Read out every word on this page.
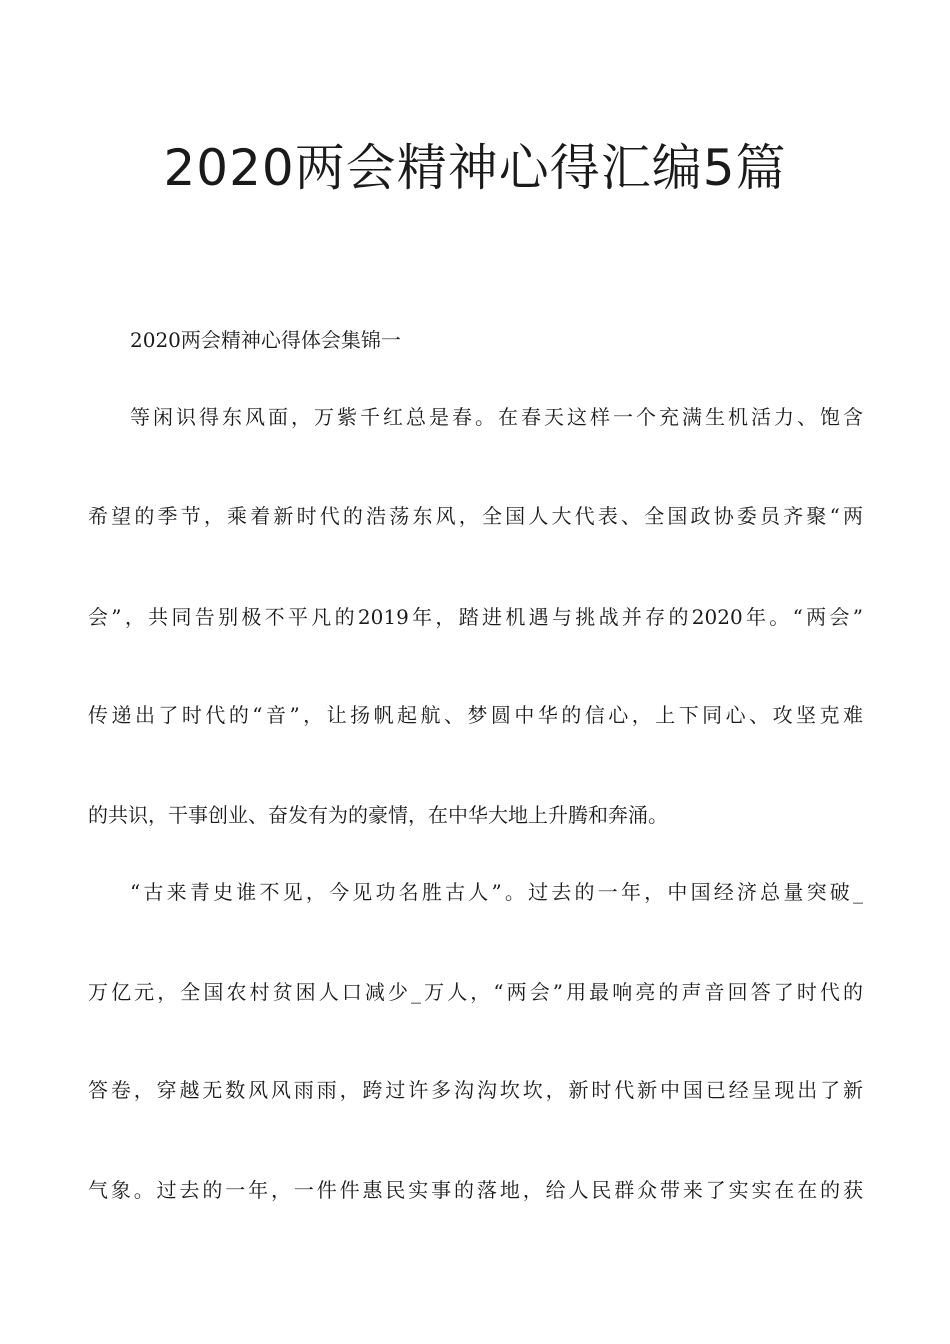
2020两会精神心得汇编5篇
2020两会精神心得体会集锦一
等闲识得东风面，万紫千红总是春。在春天这样一个充满生机活力、饱含
希望的季节，乘着新时代的浩荡东风，全国人大代表、全国政协委员齐聚“两
会”，共同告别极不平凡的2019年，踏进机遇与挑战并存的2020年。“两会”
传递出了时代的“音”，让扬帆起航、梦圆中华的信心，上下同心、攻坚克难
的共识，干事创业、奋发有为的豪情，在中华大地上升腾和奔涌。
“古来青史谁不见，今见功名胜古人”。过去的一年，中国经济总量突破_
万亿元，全国农村贫困人口减少_万人，“两会”用最响亮的声音回答了时代的
答卷，穿越无数风风雨雨，跨过许多沟沟坎坎，新时代新中国已经呈现出了新
气象。过去的一年，一件件惠民实事的落地，给人民群众带来了实实在在的获
